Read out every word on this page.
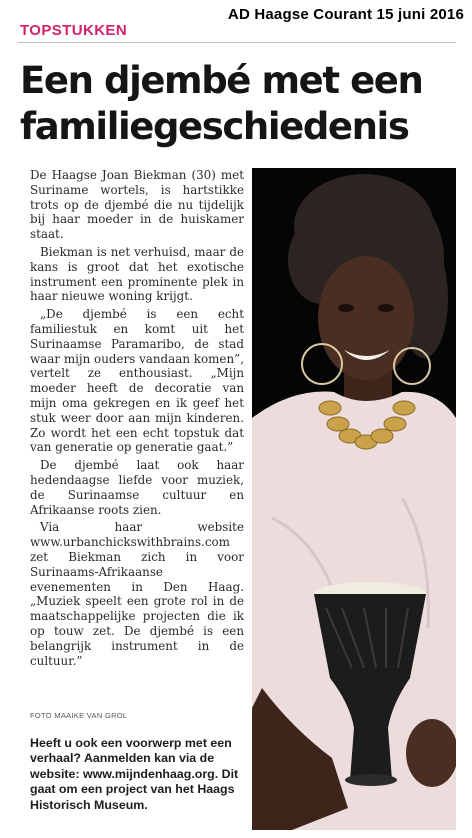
AD Haagse Courant 15 juni 2016
TOPSTUKKEN
Een djembé met een familiegeschiedenis

De Haagse Joan Biekman (30) met Suriname wortels, is hartstikke trots op de djembé die nu tijdelijk bij haar moeder in de huiskamer staat.

Biekman is net verhuisd, maar de kans is groot dat het exotische instrument een prominente plek in haar nieuwe woning krijgt.

„De djembé is een echt familiestuk en komt uit het Surinaamse Paramaribo, de stad waar mijn ouders vandaan komen”, vertelt ze enthousiast. „Mijn moeder heeft de decoratie van mijn oma gekregen en ik geef het stuk weer door aan mijn kinderen. Zo wordt het een echt topstuk dat van generatie op generatie gaat.”

De djembé laat ook haar hedendaagse liefde voor muziek, de Surinaamse cultuur en Afrikaanse roots zien.

Via haar website www.urbanchickswithbrains.com zet Biekman zich in voor Surinaams-Afrikaanse evenementen in Den Haag. „Muziek speelt een grote rol in de maatschappelijke projecten die ik op touw zet. De djembé is een belangrijk instrument in de cultuur.”

FOTO MAAIKE VAN GROL
Heeft u ook een voorwerp met een verhaal? Aanmelden kan via de website: www.mijndenhaag.org. Dit gaat om een project van het Haags Historisch Museum.
